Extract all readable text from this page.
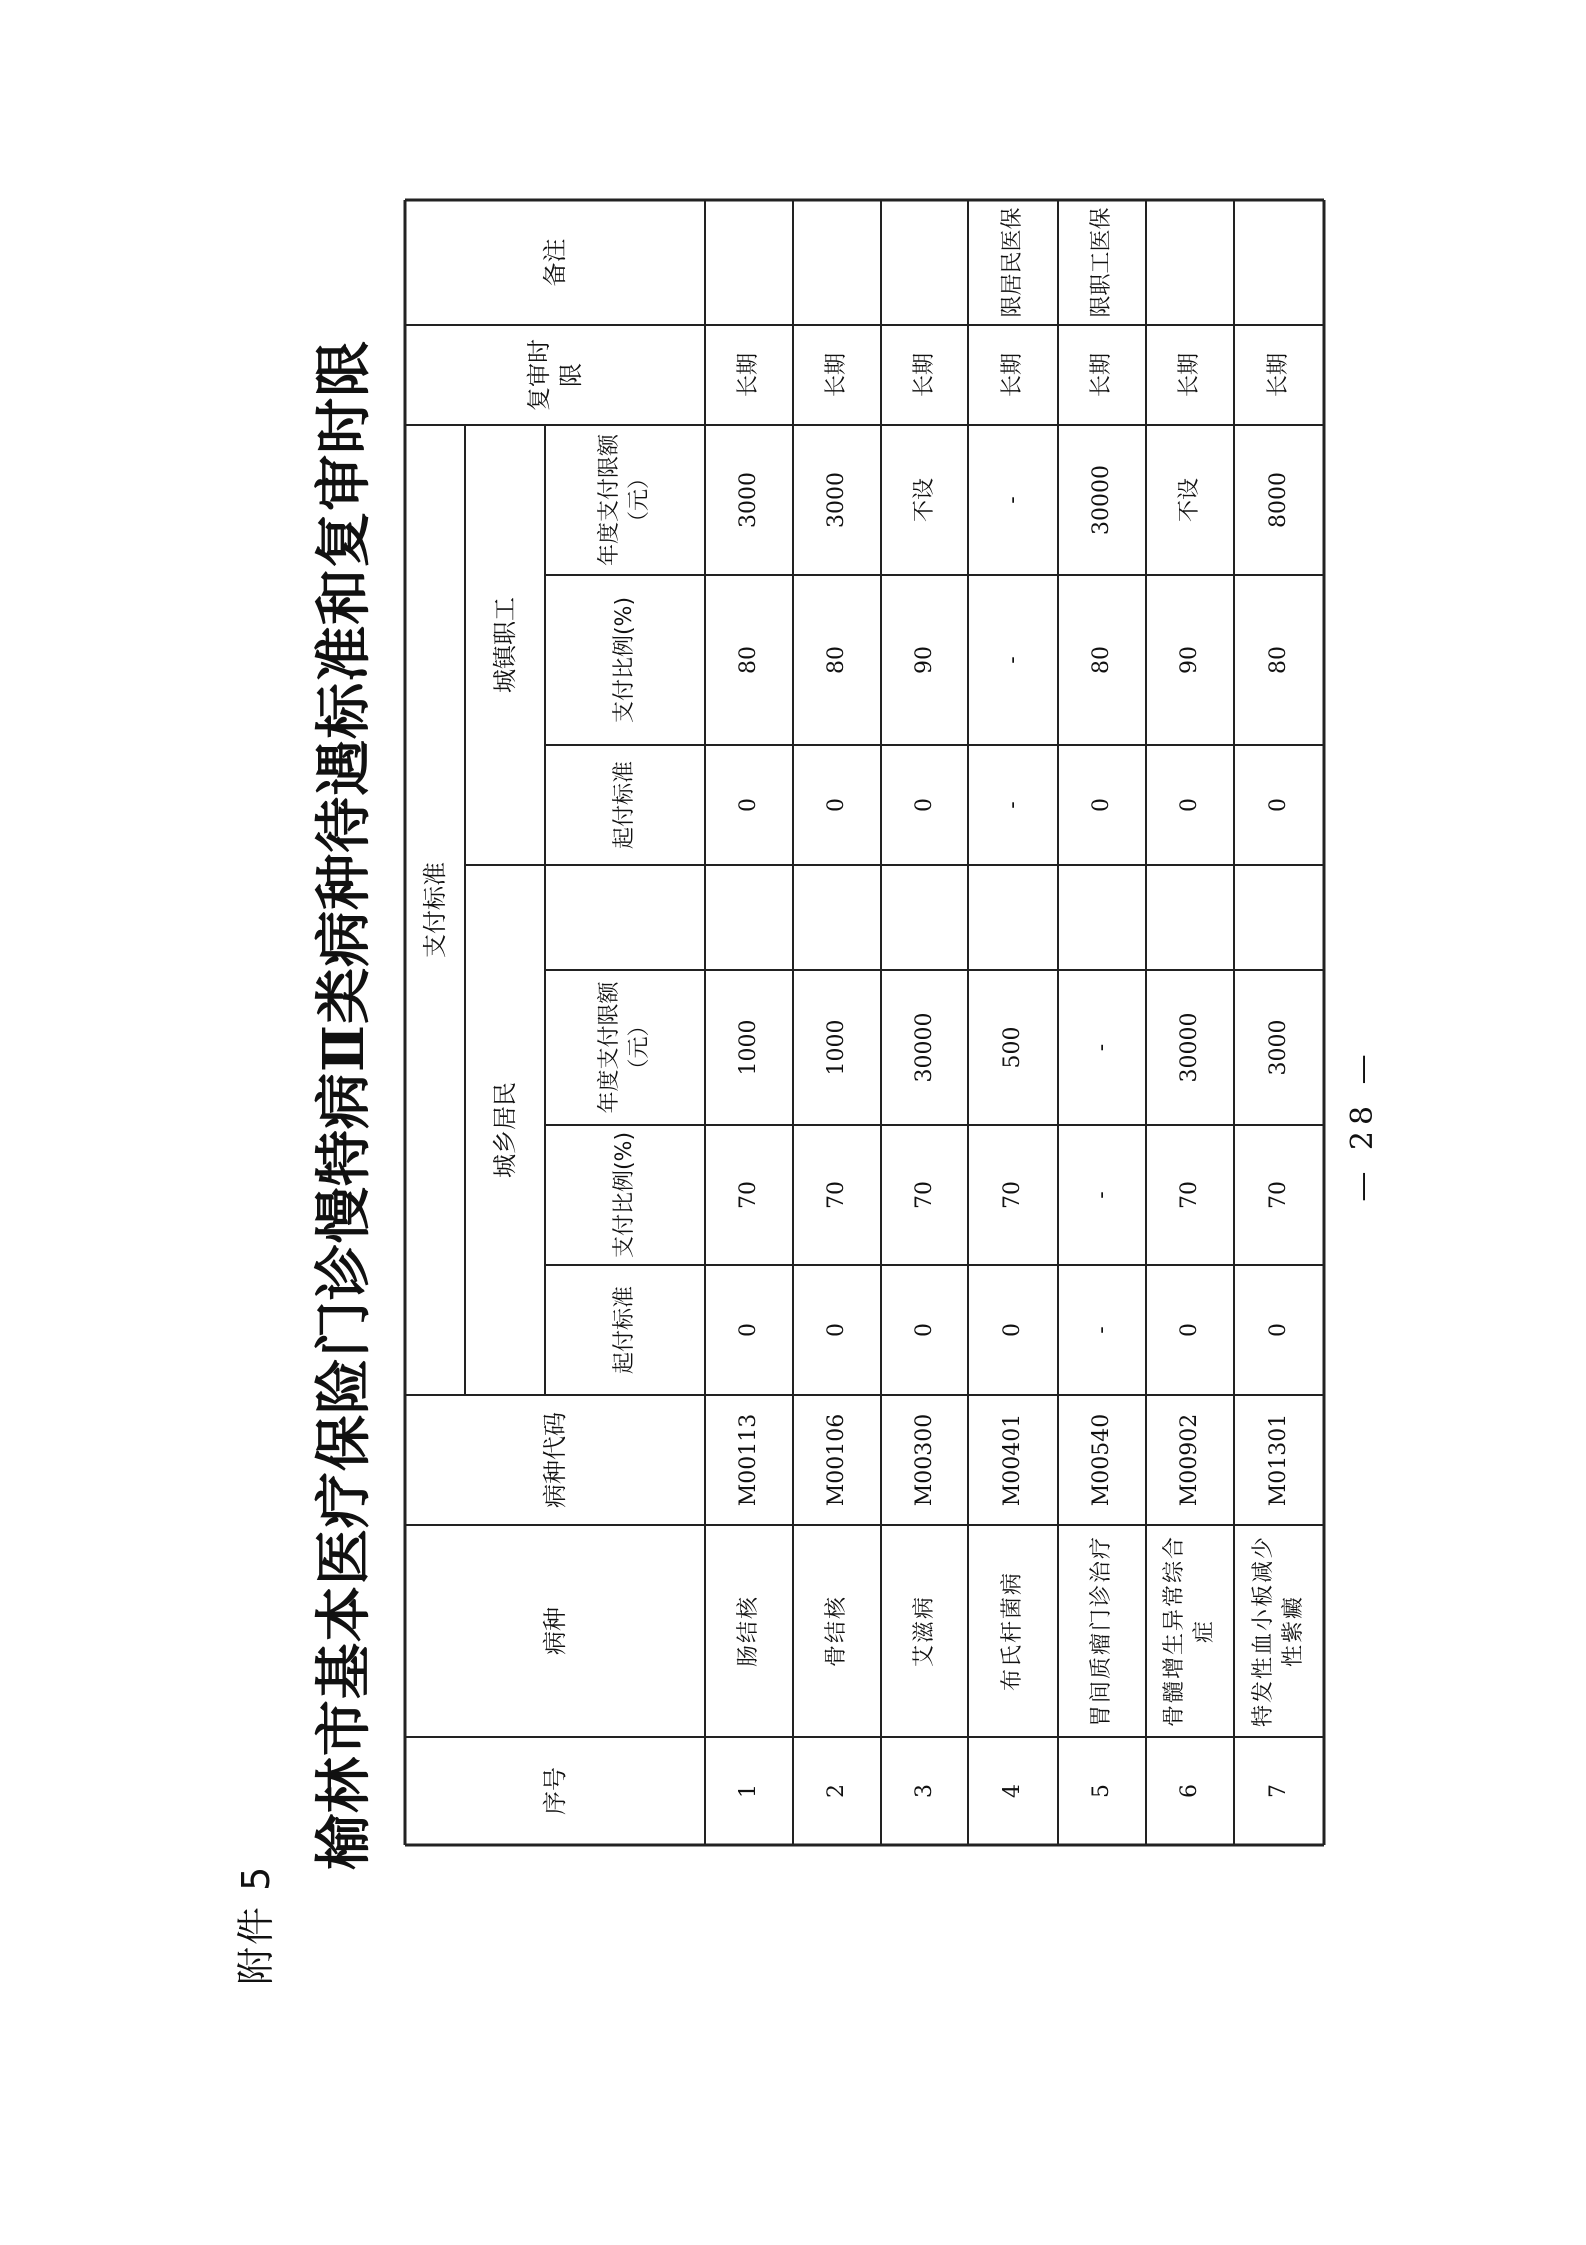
附件 5
榆林市基本医疗保险门诊慢特病Ⅱ类病种待遇标准和复审时限	序号
病种
病种代码
支付标准
城乡居民
城镇职工
复审时限
备注
起付标准
支付比例(%)
年度支付限额（元）
起付标准
支付比例(%)
年度支付限额（元）
1
肠结核
M00113
0
70
1000
0
80
3000
长期
2
骨结核
M00106
0
70
1000
0
80
3000
长期
3
艾滋病
M00300
0
70
30000
0
90
不设
长期
4
布氏杆菌病
M00401
0
70
500
-
-
-
长期
限居民医保
5
胃间质瘤门诊治疗
M00540
-
-
-
0
80
30000
长期
限职工医保
6
骨髓增生异常综合症
M00902
0
70
30000
0
90
不设
长期
7
特发性血小板减少性紫癜
M01301
0
70
3000
0
80
8000
长期
— 28 —
